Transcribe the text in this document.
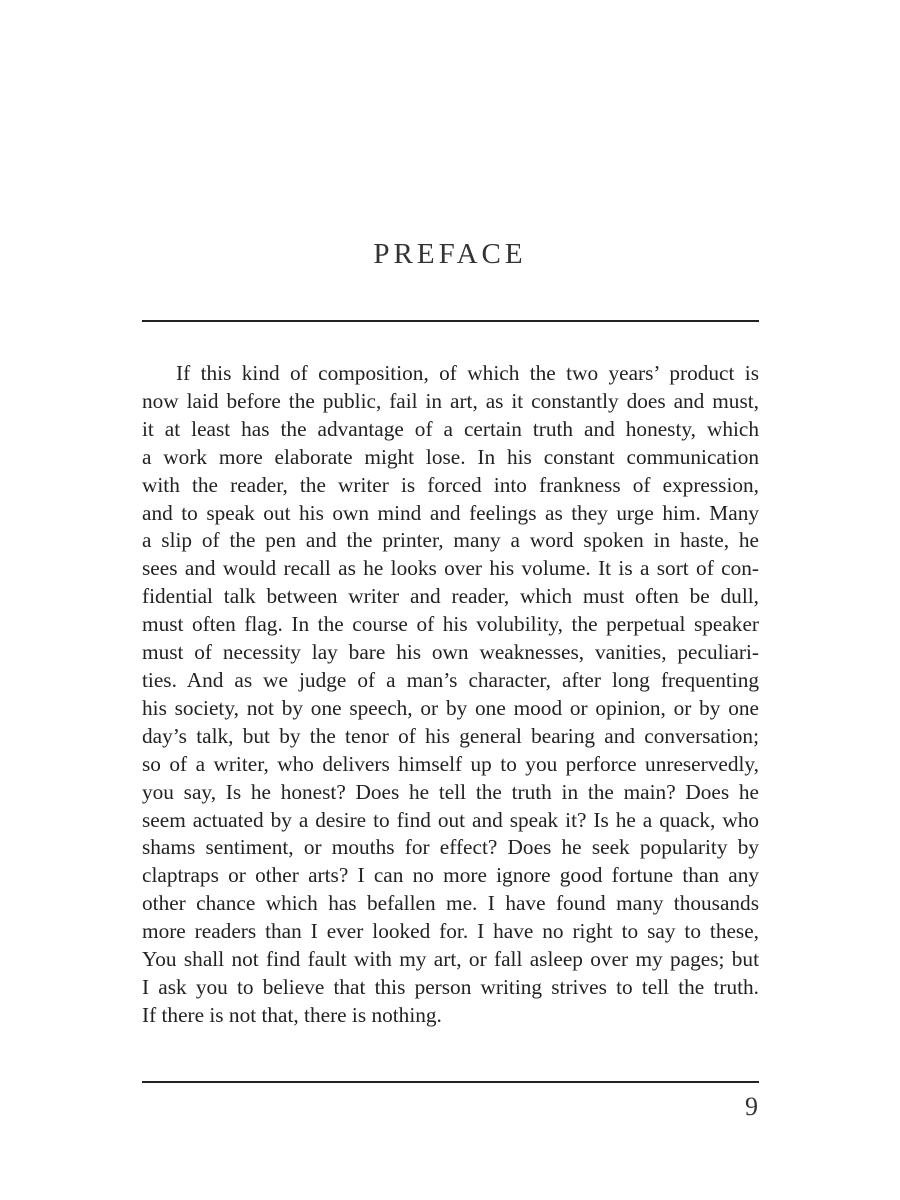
PREFACE

If this kind of composition, of which the two years’ product is
now laid before the public, fail in art, as it constantly does and must,
it at least has the advantage of a certain truth and honesty, which
a work more elaborate might lose. In his constant communication
with the reader, the writer is forced into frankness of expression,
and to speak out his own mind and feelings as they urge him. Many
a slip of the pen and the printer, many a word spoken in haste, he
sees and would recall as he looks over his volume. It is a sort of con-
fidential talk between writer and reader, which must often be dull,
must often flag. In the course of his volubility, the perpetual speaker
must of necessity lay bare his own weaknesses, vanities, peculiari-
ties. And as we judge of a man’s character, after long frequenting
his society, not by one speech, or by one mood or opinion, or by one
day’s talk, but by the tenor of his general bearing and conversation;
so of a writer, who delivers himself up to you perforce unreservedly,
you say, Is he honest? Does he tell the truth in the main? Does he
seem actuated by a desire to find out and speak it? Is he a quack, who
shams sentiment, or mouths for effect? Does he seek popularity by
claptraps or other arts? I can no more ignore good fortune than any
other chance which has befallen me. I have found many thousands
more readers than I ever looked for. I have no right to say to these,
You shall not find fault with my art, or fall asleep over my pages; but
I ask you to believe that this person writing strives to tell the truth.
If there is not that, there is nothing.

9
